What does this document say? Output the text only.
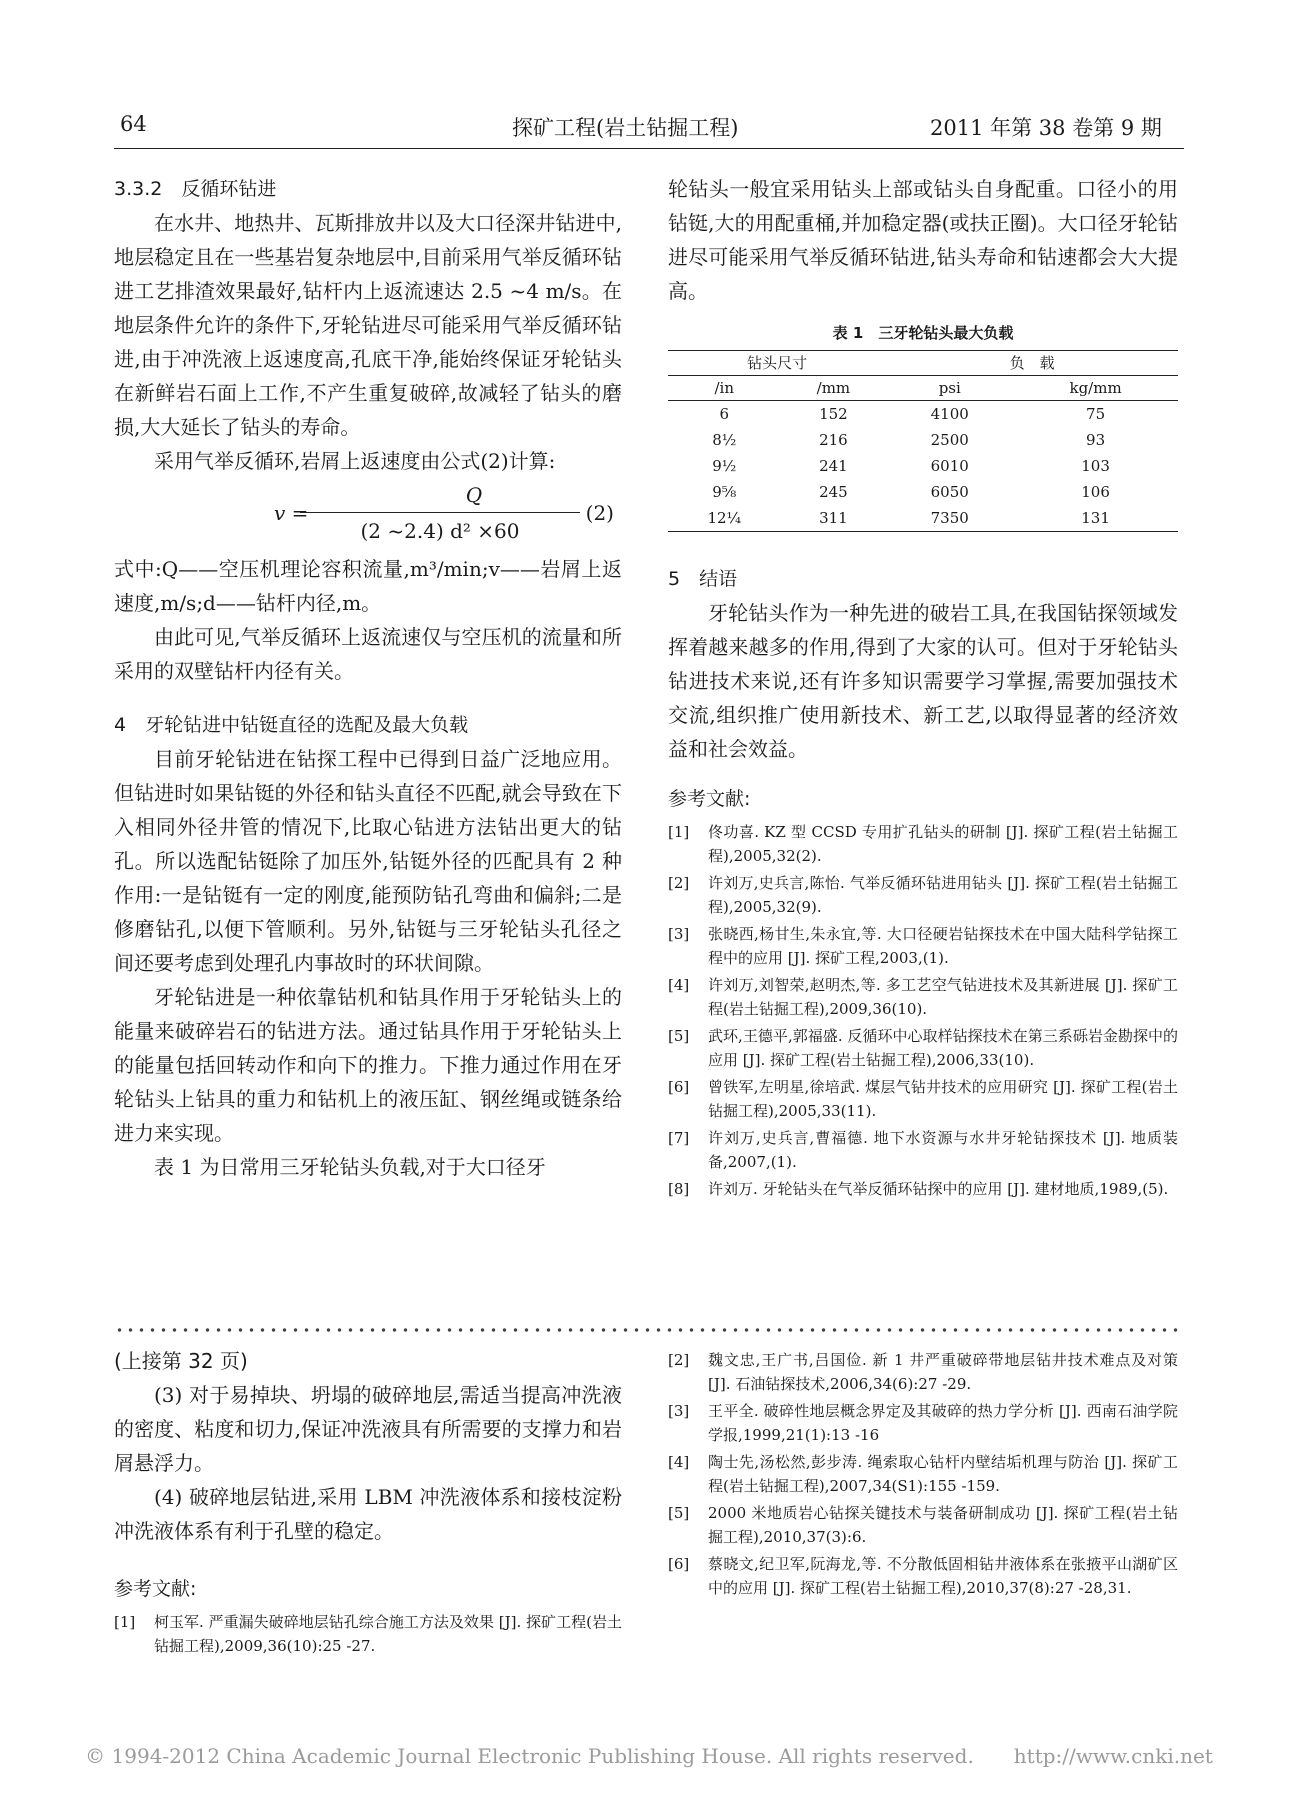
64	探矿工程(岩土钻掘工程)	2011 年第 38 卷第 9 期

3.3.2　反循环钻进

在水井、地热井、瓦斯排放井以及大口径深井钻进中,地层稳定且在一些基岩复杂地层中,目前采用气举反循环钻进工艺排渣效果最好,钻杆内上返流速达 2.5 ~4 m/s。在地层条件允许的条件下,牙轮钻进尽可能采用气举反循环钻进,由于冲洗液上返速度高,孔底干净,能始终保证牙轮钻头在新鲜岩石面上工作,不产生重复破碎,故减轻了钻头的磨损,大大延长了钻头的寿命。

采用气举反循环,岩屑上返速度由公式(2)计算:

v =
Q
(2 ~2.4) d² ×60
(2)

式中:Q——空压机理论容积流量,m³/min;v——岩屑上返速度,m/s;d——钻杆内径,m。

由此可见,气举反循环上返流速仅与空压机的流量和所采用的双壁钻杆内径有关。

4　牙轮钻进中钻铤直径的选配及最大负载

目前牙轮钻进在钻探工程中已得到日益广泛地应用。但钻进时如果钻铤的外径和钻头直径不匹配,就会导致在下入相同外径井管的情况下,比取心钻进方法钻出更大的钻孔。所以选配钻铤除了加压外,钻铤外径的匹配具有 2 种作用:一是钻铤有一定的刚度,能预防钻孔弯曲和偏斜;二是修磨钻孔,以便下管顺利。另外,钻铤与三牙轮钻头孔径之间还要考虑到处理孔内事故时的环状间隙。

牙轮钻进是一种依靠钻机和钻具作用于牙轮钻头上的能量来破碎岩石的钻进方法。通过钻具作用于牙轮钻头上的能量包括回转动作和向下的推力。下推力通过作用在牙轮钻头上钻具的重力和钻机上的液压缸、钢丝绳或链条给进力来实现。

表 1 为日常用三牙轮钻头负载,对于大口径牙

轮钻头一般宜采用钻头上部或钻头自身配重。口径小的用钻铤,大的用配重桶,并加稳定器(或扶正圈)。大口径牙轮钻进尽可能采用气举反循环钻进,钻头寿命和钻速都会大大提高。

表 1　三牙轮钻头最大负载
钻头尺寸		负　载	
/in	/mm	psi	kg/mm
6	152	4100	75
8½	216	2500	93
9½	241	6010	103
9⅝	245	6050	106
12¼	311	7350	131

5　结语

牙轮钻头作为一种先进的破岩工具,在我国钻探领域发挥着越来越多的作用,得到了大家的认可。但对于牙轮钻头钻进技术来说,还有许多知识需要学习掌握,需要加强技术交流,组织推广使用新技术、新工艺,以取得显著的经济效益和社会效益。

参考文献:
[1]	佟功喜. KZ 型 CCSD 专用扩孔钻头的研制 [J]. 探矿工程(岩土钻掘工程),2005,32(2).
[2]	许刘万,史兵言,陈怡. 气举反循环钻进用钻头 [J]. 探矿工程(岩土钻掘工程),2005,32(9).
[3]	张晓西,杨甘生,朱永宜,等. 大口径硬岩钻探技术在中国大陆科学钻探工程中的应用 [J]. 探矿工程,2003,(1).
[4]	许刘万,刘智荣,赵明杰,等. 多工艺空气钻进技术及其新进展 [J]. 探矿工程(岩土钻掘工程),2009,36(10).
[5]	武环,王德平,郭福盛. 反循环中心取样钻探技术在第三系砾岩金勘探中的应用 [J]. 探矿工程(岩土钻掘工程),2006,33(10).
[6]	曾铁军,左明星,徐培武. 煤层气钻井技术的应用研究 [J]. 探矿工程(岩土钻掘工程),2005,33(11).
[7]	许刘万,史兵言,曹福德. 地下水资源与水井牙轮钻探技术 [J]. 地质装备,2007,(1).
[8]	许刘万. 牙轮钻头在气举反循环钻探中的应用 [J]. 建材地质,1989,(5).

(上接第 32 页)

(3) 对于易掉块、坍塌的破碎地层,需适当提高冲洗液的密度、粘度和切力,保证冲洗液具有所需要的支撑力和岩屑悬浮力。

(4) 破碎地层钻进,采用 LBM 冲洗液体系和接枝淀粉冲洗液体系有利于孔壁的稳定。

参考文献:
[1]	柯玉军. 严重漏失破碎地层钻孔综合施工方法及效果 [J]. 探矿工程(岩土钻掘工程),2009,36(10):25 -27.
[2]	魏文忠,王广书,吕国俭. 新 1 井严重破碎带地层钻井技术难点及对策 [J]. 石油钻探技术,2006,34(6):27 -29.
[3]	王平全. 破碎性地层概念界定及其破碎的热力学分析 [J]. 西南石油学院学报,1999,21(1):13 -16
[4]	陶士先,汤松然,彭步涛. 绳索取心钻杆内壁结垢机理与防治 [J]. 探矿工程(岩土钻掘工程),2007,34(S1):155 -159.
[5]	2000 米地质岩心钻探关键技术与装备研制成功 [J]. 探矿工程(岩土钻掘工程),2010,37(3):6.
[6]	蔡晓文,纪卫军,阮海龙,等. 不分散低固相钻井液体系在张掖平山湖矿区中的应用 [J]. 探矿工程(岩土钻掘工程),2010,37(8):27 -28,31.
© 1994-2012 China Academic Journal Electronic Publishing House. All rights reserved.　　http://www.cnki.net
